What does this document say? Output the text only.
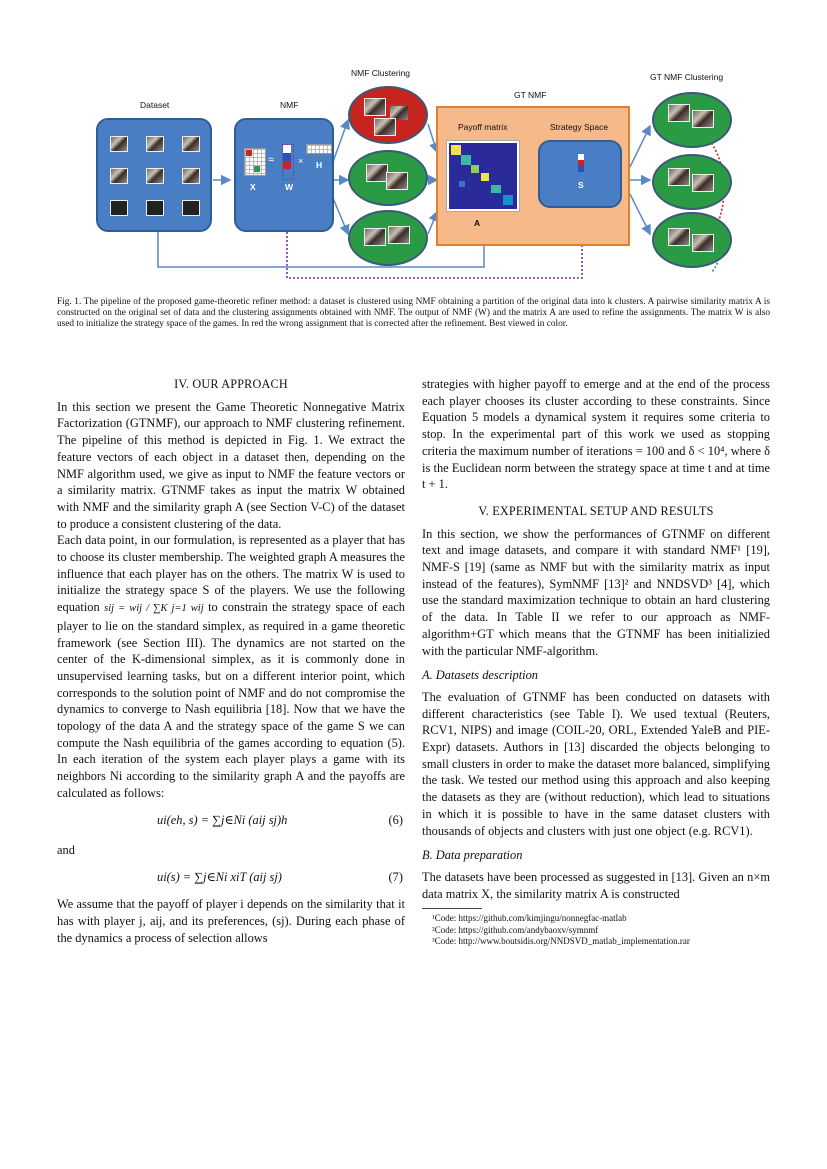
Dataset	NMF
NMF Clustering
GT NMF
GT NMF Clustering
≈	×
X	W
H
Payoff matrix	Strategy Space
A
S
Fig. 1. The pipeline of the proposed game-theoretic refiner method: a dataset is clustered using NMF obtaining a partition of the original data into k clusters. A pairwise similarity matrix A is constructed on the original set of data and the clustering assignments obtained with NMF. The output of NMF (W) and the matrix A are used to refine the assignments. The matrix W is also used to initialize the strategy space of the games. In red the wrong assignment that is corrected after the refinement. Best viewed in color.
IV. OUR APPROACH

In this section we present the Game Theoretic Nonnegative Matrix Factorization (GTNMF), our approach to NMF clustering refinement. The pipeline of this method is depicted in Fig. 1. We extract the feature vectors of each object in a dataset then, depending on the NMF algorithm used, we give as input to NMF the feature vectors or a similarity matrix. GTNMF takes as input the matrix W obtained with NMF and the similarity graph A (see Section V-C) of the dataset to produce a consistent clustering of the data.

Each data point, in our formulation, is represented as a player that has to choose its cluster membership. The weighted graph A measures the influence that each player has on the others. The matrix W is used to initialize the strategy space S of the players. We use the following equation sij = wij / ∑K j=1 wij to constrain the strategy space of each player to lie on the standard simplex, as required in a game theoretic framework (see Section III). The dynamics are not started on the center of the K-dimensional simplex, as it is commonly done in unsupervised learning tasks, but on a different interior point, which corresponds to the solution point of NMF and do not compromise the dynamics to converge to Nash equilibria [18]. Now that we have the topology of the data A and the strategy space of the game S we can compute the Nash equilibria of the games according to equation (5). In each iteration of the system each player plays a game with its neighbors Ni according to the similarity graph A and the payoffs are calculated as follows:

ui(eh, s) = ∑j∈Ni (aij sj)h	(6)

and

ui(s) = ∑j∈Ni xiT (aij sj)	(7)

We assume that the payoff of player i depends on the similarity that it has with player j, aij, and its preferences, (sj). During each phase of the dynamics a process of selection allows

strategies with higher payoff to emerge and at the end of the process each player chooses its cluster according to these constraints. Since Equation 5 models a dynamical system it requires some criteria to stop. In the experimental part of this work we used as stopping criteria the maximum number of iterations = 100 and δ < 10⁴, where δ is the Euclidean norm between the strategy space at time t and at time t + 1.

V. EXPERIMENTAL SETUP AND RESULTS

In this section, we show the performances of GTNMF on different text and image datasets, and compare it with standard NMF¹ [19], NMF-S [19] (same as NMF but with the similarity matrix as input instead of the features), SymNMF [13]² and NNDSVD³ [4], which use the standard maximization technique to obtain an hard clustering of the data. In Table II we refer to our approach as NMF-algorithm+GT which means that the GTNMF has been initializied with the particular NMF-algorithm.

A. Datasets description

The evaluation of GTNMF has been conducted on datasets with different characteristics (see Table I). We used textual (Reuters, RCV1, NIPS) and image (COIL-20, ORL, Extended YaleB and PIE-Expr) datasets. Authors in [13] discarded the objects belonging to small clusters in order to make the dataset more balanced, simplifying the task. We tested our method using this approach and also keeping the datasets as they are (without reduction), which lead to situations in which it is possible to have in the same dataset clusters with thousands of objects and clusters with just one object (e.g. RCV1).

B. Data preparation

The datasets have been processed as suggested in [13]. Given an n×m data matrix X, the similarity matrix A is constructed

¹Code: https://github.com/kimjingu/nonnegfac-matlab
²Code: https://github.com/andybaoxv/symnmf
³Code: http://www.boutsidis.org/NNDSVD_matlab_implementation.rar
